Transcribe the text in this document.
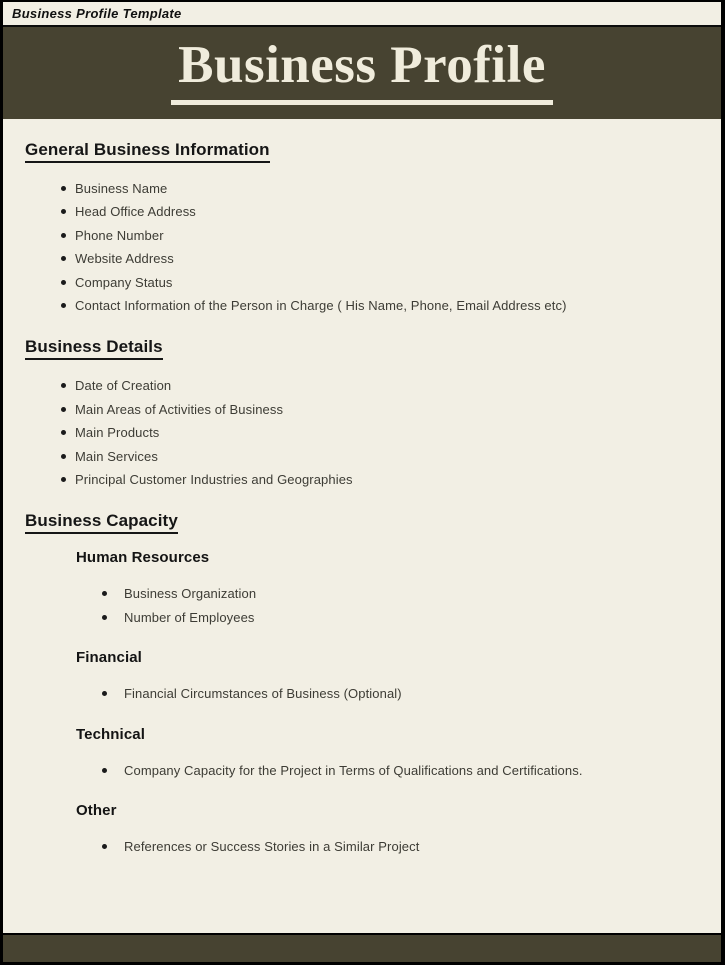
Business Profile Template
Business Profile
General Business Information
Business Name
Head Office Address
Phone Number
Website Address
Company Status
Contact Information of the Person in Charge ( His Name, Phone, Email Address etc)
Business Details
Date of Creation
Main Areas of Activities of Business
Main Products
Main Services
Principal Customer Industries and Geographies
Business Capacity
Human Resources
Business Organization
Number of Employees
Financial
Financial Circumstances of Business (Optional)
Technical
Company Capacity for the Project in Terms of Qualifications and Certifications.
Other
References or Success Stories in a Similar Project
